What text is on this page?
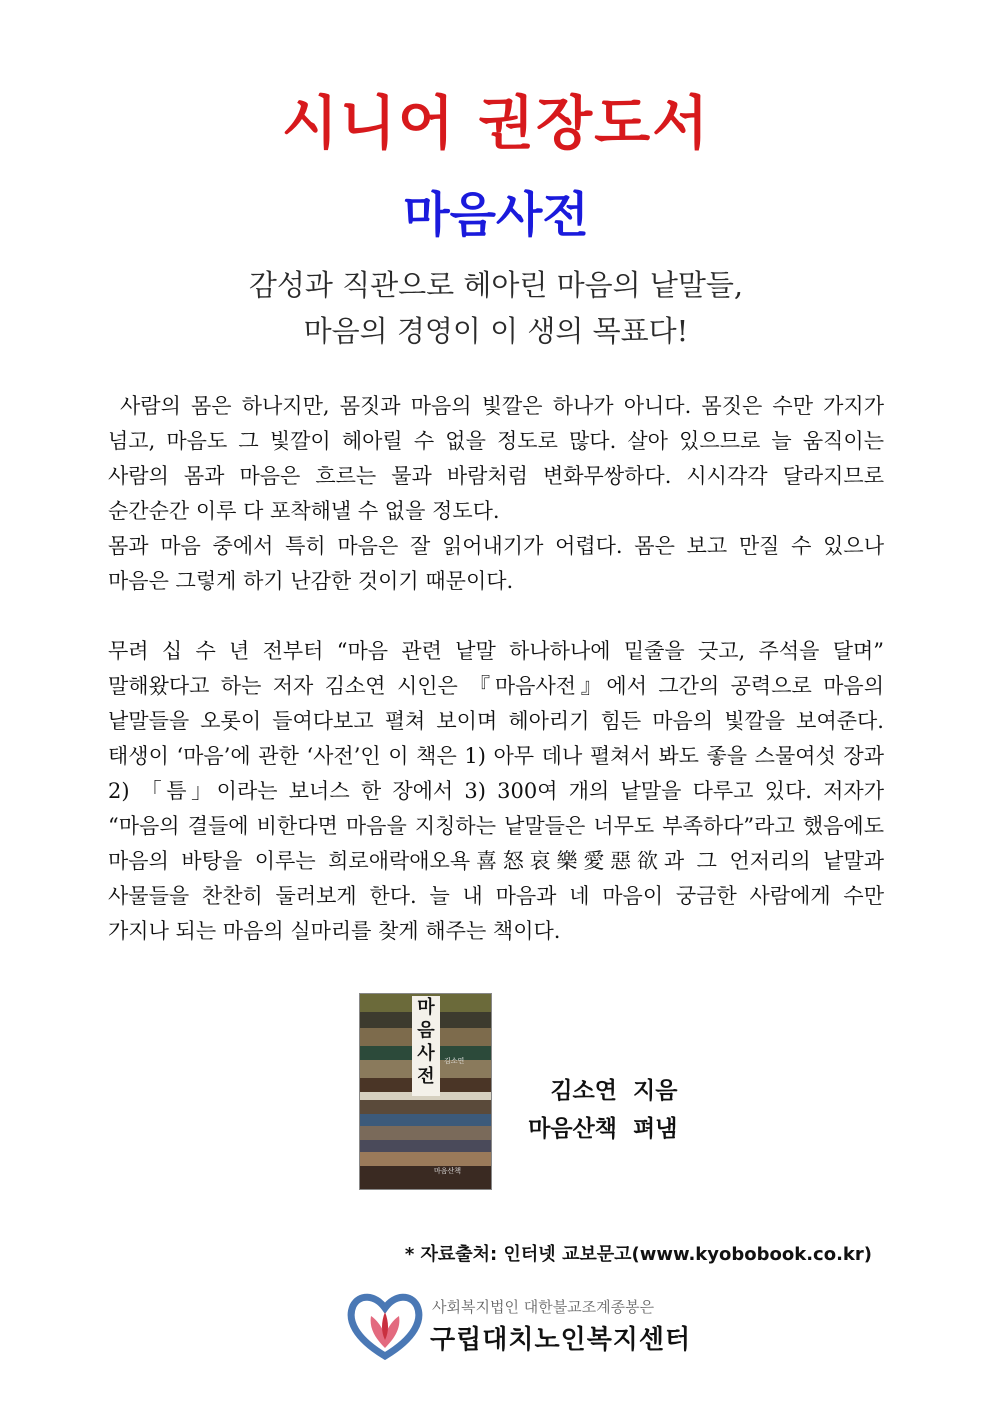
시니어 권장도서
마음사전
감성과 직관으로 헤아린 마음의 낱말들,
마음의 경영이 이 생의 목표다!

사람의 몸은 하나지만, 몸짓과 마음의 빛깔은 하나가 아니다. 몸짓은 수만 가지가 넘고, 마음도 그 빛깔이 헤아릴 수 없을 정도로 많다. 살아 있으므로 늘 움직이는 사람의 몸과 마음은 흐르는 물과 바람처럼 변화무쌍하다. 시시각각 달라지므로 순간순간 이루 다 포착해낼 수 없을 정도다.

몸과 마음 중에서 특히 마음은 잘 읽어내기가 어렵다. 몸은 보고 만질 수 있으나 마음은 그렇게 하기 난감한 것이기 때문이다.

무려 십 수 년 전부터 “마음 관련 낱말 하나하나에 밑줄을 긋고, 주석을 달며” 말해왔다고 하는 저자 김소연 시인은 『마음사전』에서 그간의 공력으로 마음의 낱말들을 오롯이 들여다보고 펼쳐 보이며 헤아리기 힘든 마음의 빛깔을 보여준다. 태생이 ‘마음’에 관한 ‘사전’인 이 책은 1) 아무 데나 펼쳐서 봐도 좋을 스물여섯 장과 2) 「틈」이라는 보너스 한 장에서 3) 300여 개의 낱말을 다루고 있다. 저자가 “마음의 결들에 비한다면 마음을 지칭하는 낱말들은 너무도 부족하다”라고 했음에도 마음의 바탕을 이루는 희로애락애오욕喜怒哀樂愛惡欲과 그 언저리의 낱말과 사물들을 찬찬히 둘러보게 한다. 늘 내 마음과 네 마음이 궁금한 사람에게 수만 가지나 되는 마음의 실마리를 찾게 해주는 책이다.

마음사전
김소연
마음산책
김소연 지음
마음산책 펴냄
* 자료출처: 인터넷 교보문고(www.kyobobook.co.kr)
사회복지법인 대한불교조계종봉은
구립대치노인복지센터
